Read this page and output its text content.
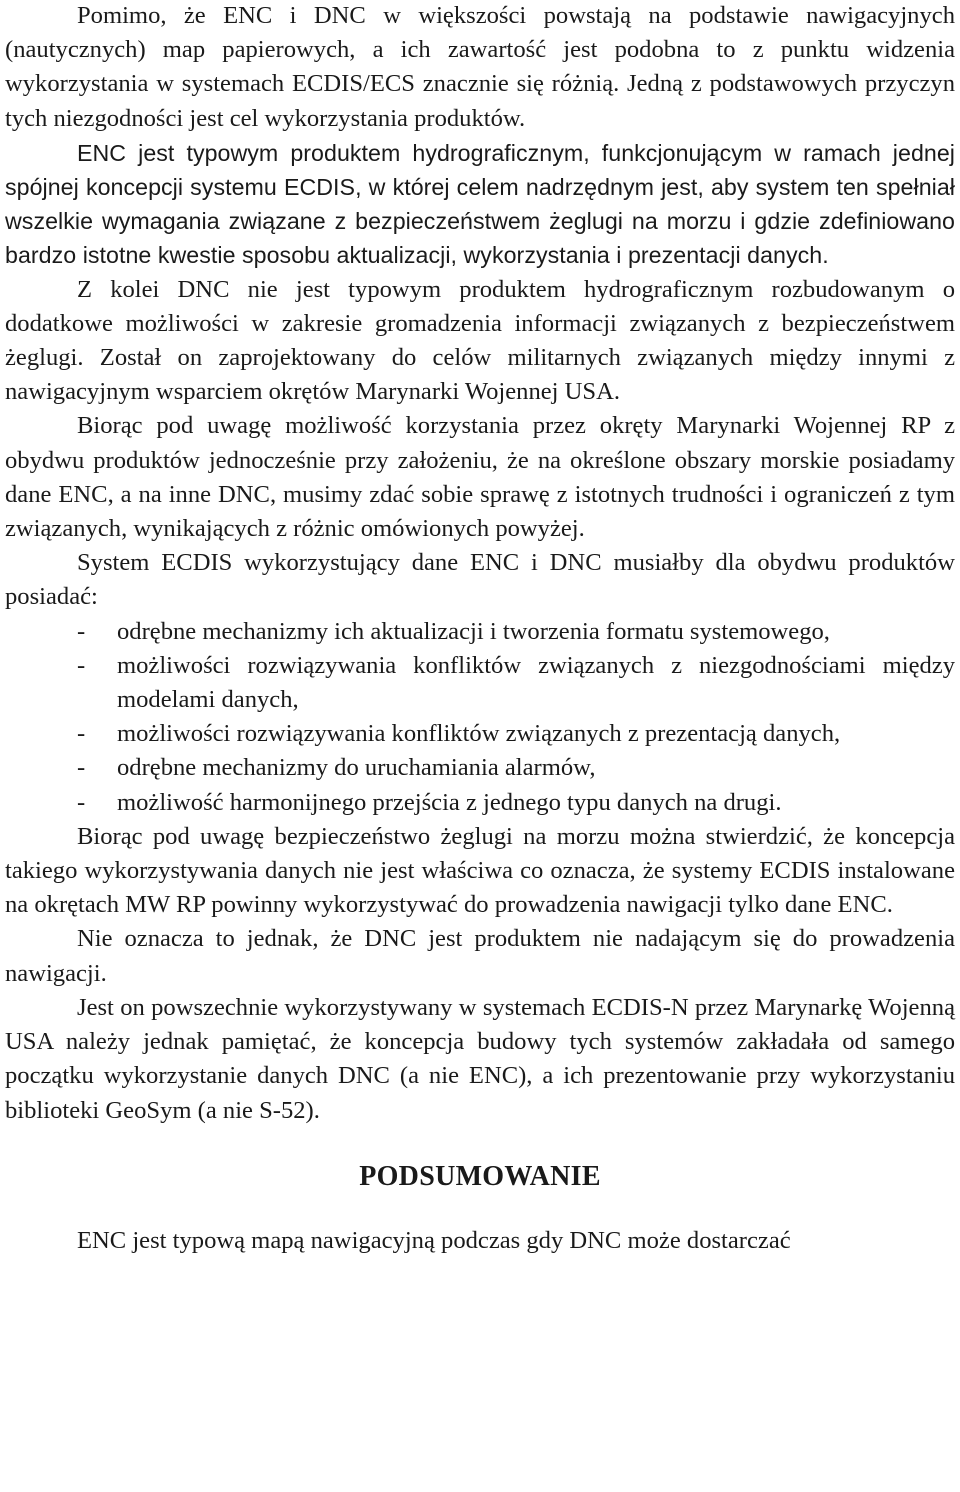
Pomimo, że ENC i DNC w większości powstają na podstawie nawigacyjnych (nautycznych) map papierowych, a ich zawartość jest podobna to z punktu widzenia wykorzystania w systemach ECDIS/ECS znacznie się różnią. Jedną z podstawowych przyczyn tych niezgodności jest cel wykorzystania produktów.

ENC jest typowym produktem hydrograficznym, funkcjonującym w ramach jednej spójnej koncepcji systemu ECDIS, w której celem nadrzędnym jest, aby system ten spełniał wszelkie wymagania związane z bezpieczeństwem żeglugi na morzu i gdzie zdefiniowano bardzo istotne kwestie sposobu aktualizacji, wykorzystania i prezentacji danych.

Z kolei DNC nie jest typowym produktem hydrograficznym rozbudowanym o dodatkowe możliwości w zakresie gromadzenia informacji związanych z bezpieczeństwem żeglugi. Został on zaprojektowany do celów militarnych związanych między innymi z nawigacyjnym wsparciem okrętów Marynarki Wojennej USA.

Biorąc pod uwagę możliwość korzystania przez okręty Marynarki Wojennej RP z obydwu produktów jednocześnie przy założeniu, że na określone obszary morskie posiadamy dane ENC, a na inne DNC, musimy zdać sobie sprawę z istotnych trudności i ograniczeń z tym związanych, wynikających z różnic omówionych powyżej.

System ECDIS wykorzystujący dane ENC i DNC musiałby dla obydwu produktów posiadać:

- odrębne mechanizmy ich aktualizacji i tworzenia formatu systemowego,
- możliwości rozwiązywania konfliktów związanych z niezgodnościami między modelami danych,
- możliwości rozwiązywania konfliktów związanych z prezentacją danych,
- odrębne mechanizmy do uruchamiania alarmów,
- możliwość harmonijnego przejścia z jednego typu danych na drugi.

Biorąc pod uwagę bezpieczeństwo żeglugi na morzu można stwierdzić, że koncepcja takiego wykorzystywania danych nie jest właściwa co oznacza, że systemy ECDIS instalowane na okrętach MW RP powinny wykorzystywać do prowadzenia nawigacji tylko dane ENC.

Nie oznacza to jednak, że DNC jest produktem nie nadającym się do prowadzenia nawigacji.

Jest on powszechnie wykorzystywany w systemach ECDIS-N przez Marynarkę Wojenną USA należy jednak pamiętać, że koncepcja budowy tych systemów zakładała od samego początku wykorzystanie danych DNC (a nie ENC), a ich prezentowanie przy wykorzystaniu biblioteki GeoSym (a nie S-52).

PODSUMOWANIE

ENC jest typową mapą nawigacyjną podczas gdy DNC może dostarczać
